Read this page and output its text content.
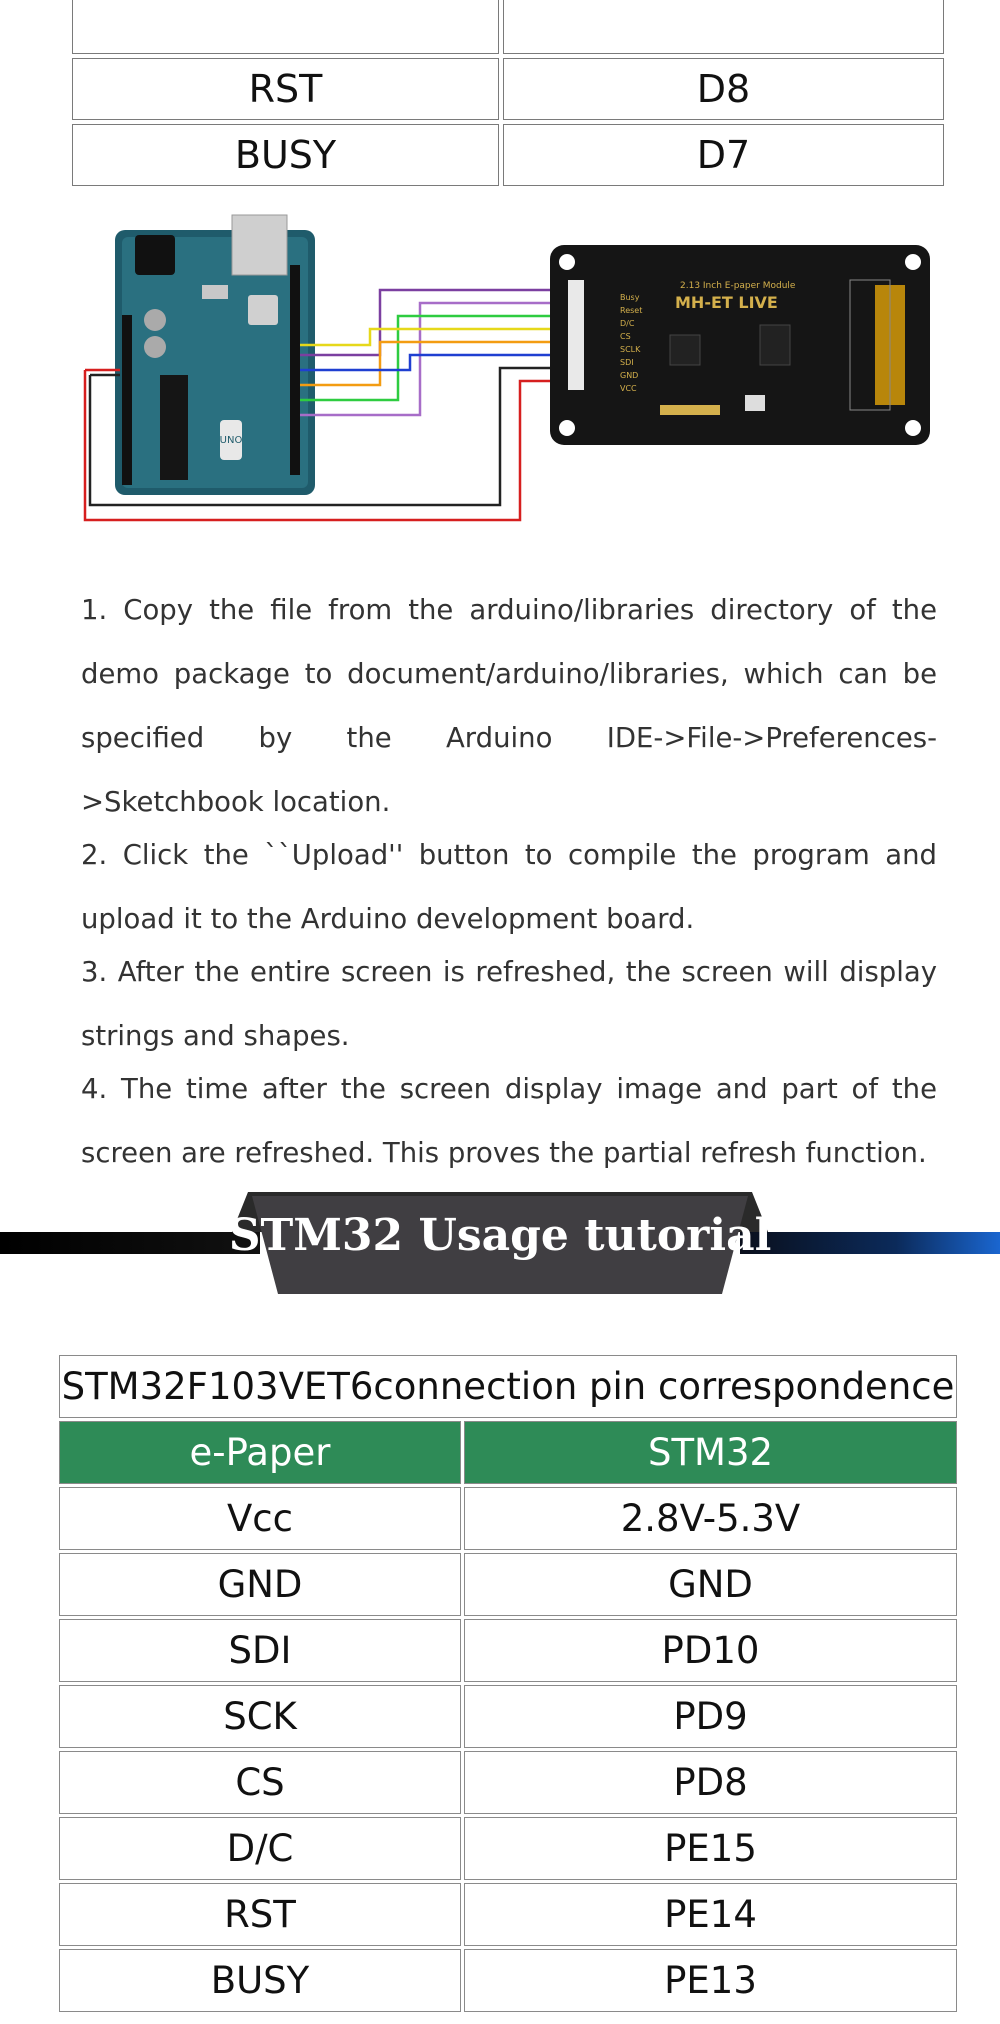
RST	D8
BUSY	D7
UNO
2.13 Inch E-paper Module
MH-ET LIVE
Busy
Reset
D/C
CS
SCLK
SDI
GND
VCC

1. Copy the file from the arduino/libraries directory of the demo package to document/arduino/libraries, which can be specified by the Arduino IDE->File->Preferences->Sketchbook location.

2. Click the ``Upload'' button to compile the program and upload it to the Arduino development board.

3. After the entire screen is refreshed, the screen will display strings and shapes.

4. The time after the screen display image and part of the screen are refreshed. This proves the partial refresh function.

STM32 Usage tutorial
STM32F103VET6connection pin correspondence	
e-Paper	STM32
Vcc	2.8V-5.3V
GND	GND
SDI	PD10
SCK	PD9
CS	PD8
D/C	PE15
RST	PE14
BUSY	PE13
